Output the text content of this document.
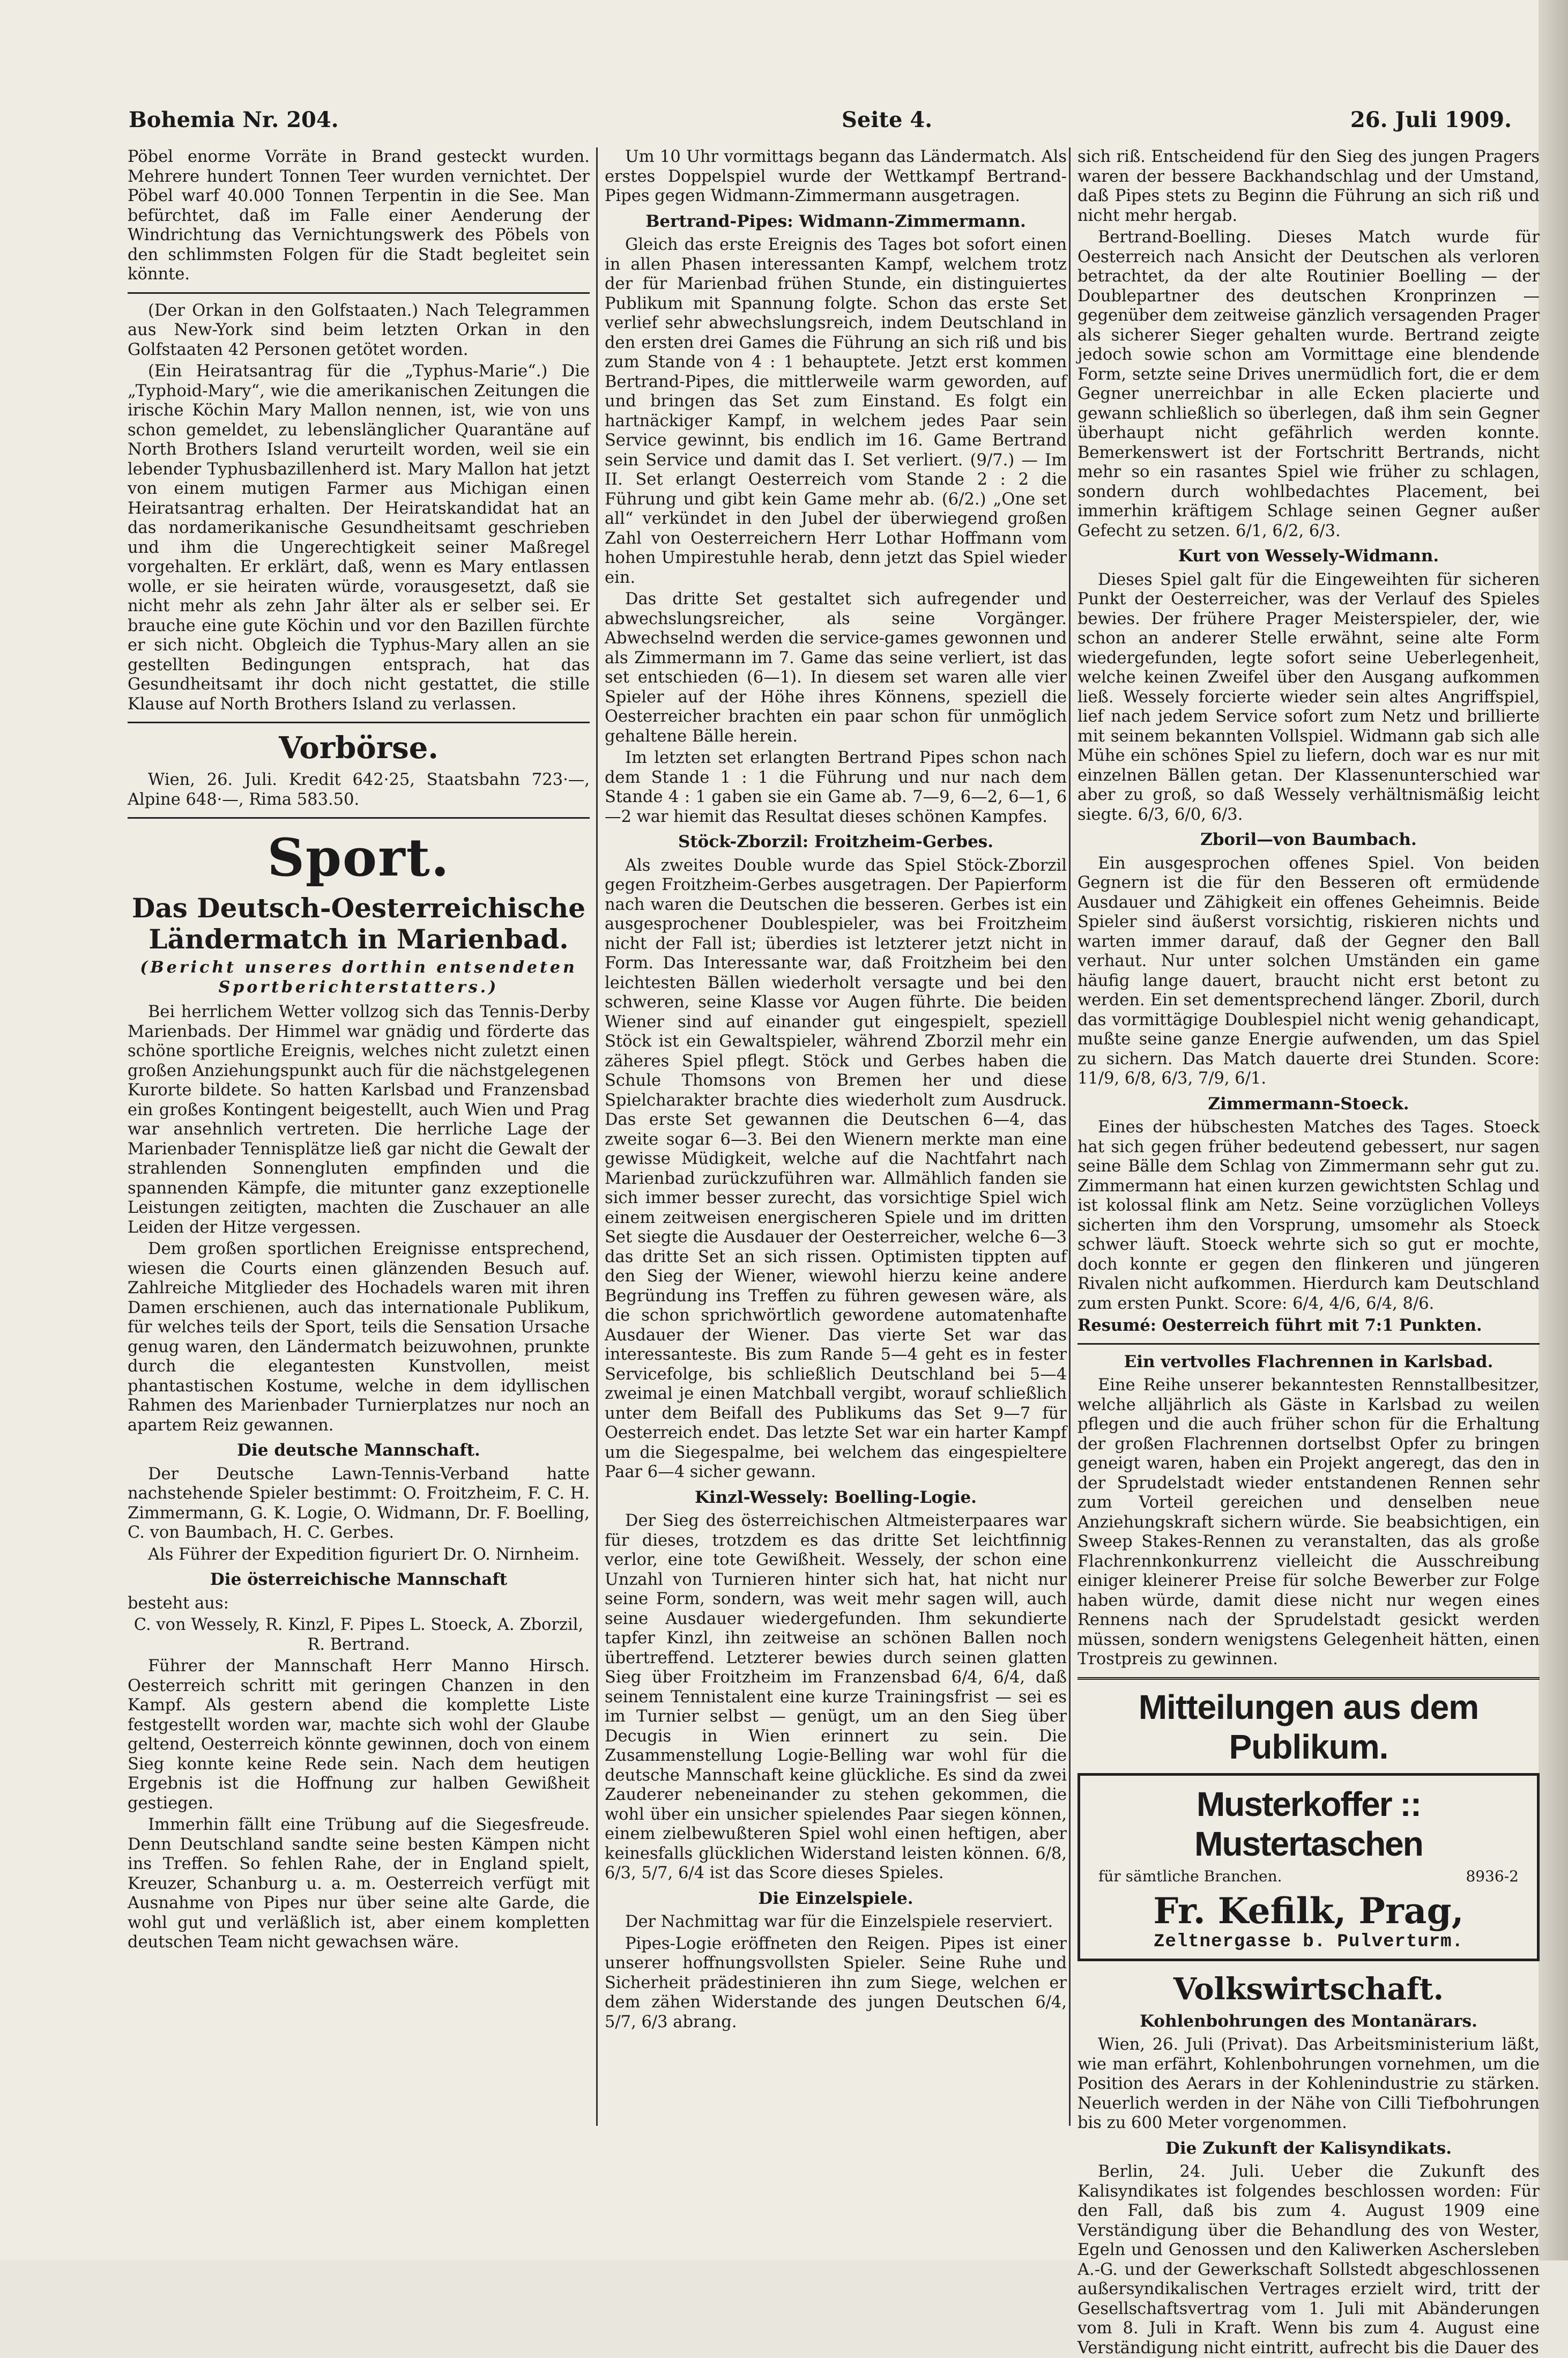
Bohemia Nr. 204.	Seite 4.	26. Juli 1909.

Pöbel enorme Vorräte in Brand gesteckt wurden. Mehrere hundert Tonnen Teer wurden vernichtet. Der Pöbel warf 40.000 Tonnen Terpentin in die See. Man befürchtet, daß im Falle einer Aenderung der Windrichtung das Vernichtungswerk des Pöbels von den schlimmsten Folgen für die Stadt begleitet sein könnte.

(Der Orkan in den Golfstaaten.) Nach Telegrammen aus New-York sind beim letzten Orkan in den Golfstaaten 42 Personen getötet worden.

(Ein Heiratsantrag für die „Typhus-Marie“.) Die „Typhoid-Mary“, wie die amerikanischen Zeitungen die irische Köchin Mary Mallon nennen, ist, wie von uns schon gemeldet, zu lebenslänglicher Quarantäne auf North Brothers Island verurteilt worden, weil sie ein lebender Typhusbazillenherd ist. Mary Mallon hat jetzt von einem mutigen Farmer aus Michigan einen Heiratsantrag erhalten. Der Heiratskandidat hat an das nordamerikanische Gesundheitsamt geschrieben und ihm die Ungerechtigkeit seiner Maßregel vorgehalten. Er erklärt, daß, wenn es Mary entlassen wolle, er sie heiraten würde, vorausgesetzt, daß sie nicht mehr als zehn Jahr älter als er selber sei. Er brauche eine gute Köchin und vor den Bazillen fürchte er sich nicht. Obgleich die Typhus-Mary allen an sie gestellten Bedingungen entsprach, hat das Gesundheitsamt ihr doch nicht gestattet, die stille Klause auf North Brothers Island zu verlassen.

Vorbörse.

Wien, 26. Juli. Kredit 642·25, Staatsbahn 723·—, Alpine 648·—, Rima 583.50.

Sport.
Das Deutsch-Oesterreichische Ländermatch in Marienbad.
(Bericht unseres dorthin entsendeten Sportberichterstatters.)

Bei herrlichem Wetter vollzog sich das Tennis-Derby Marienbads. Der Himmel war gnädig und förderte das schöne sportliche Ereignis, welches nicht zuletzt einen großen Anziehungspunkt auch für die nächstgelegenen Kurorte bildete. So hatten Karlsbad und Franzensbad ein großes Kontingent beigestellt, auch Wien und Prag war ansehnlich vertreten. Die herrliche Lage der Marienbader Tennisplätze ließ gar nicht die Gewalt der strahlenden Sonnengluten empfinden und die spannenden Kämpfe, die mitunter ganz exzeptionelle Leistungen zeitigten, machten die Zuschauer an alle Leiden der Hitze vergessen.

Dem großen sportlichen Ereignisse entsprechend, wiesen die Courts einen glänzenden Besuch auf. Zahlreiche Mitglieder des Hochadels waren mit ihren Damen erschienen, auch das internationale Publikum, für welches teils der Sport, teils die Sensation Ursache genug waren, den Ländermatch beizuwohnen, prunkte durch die elegantesten Kunstvollen, meist phantastischen Kostume, welche in dem idyllischen Rahmen des Marienbader Turnierplatzes nur noch an apartem Reiz gewannen.

Die deutsche Mannschaft.

Der Deutsche Lawn-Tennis-Verband hatte nachstehende Spieler bestimmt: O. Froitzheim, F. C. H. Zimmermann, G. K. Logie, O. Widmann, Dr. F. Boelling, C. von Baumbach, H. C. Gerbes.

Als Führer der Expedition figuriert Dr. O. Nirnheim.

Die österreichische Mannschaft

besteht aus:

C. von Wessely, R. Kinzl, F. Pipes L. Stoeck, A. Zborzil, R. Bertrand.

Führer der Mannschaft Herr Manno Hirsch. Oesterreich schritt mit geringen Chanzen in den Kampf. Als gestern abend die komplette Liste festgestellt worden war, machte sich wohl der Glaube geltend, Oesterreich könnte gewinnen, doch von einem Sieg konnte keine Rede sein. Nach dem heutigen Ergebnis ist die Hoffnung zur halben Gewißheit gestiegen.

Immerhin fällt eine Trübung auf die Siegesfreude. Denn Deutschland sandte seine besten Kämpen nicht ins Treffen. So fehlen Rahe, der in England spielt, Kreuzer, Schanburg u. a. m. Oesterreich verfügt mit Ausnahme von Pipes nur über seine alte Garde, die wohl gut und verläßlich ist, aber einem kompletten deutschen Team nicht gewachsen wäre.

Um 10 Uhr vormittags begann das Ländermatch. Als erstes Doppelspiel wurde der Wettkampf Bertrand-Pipes gegen Widmann-Zimmermann ausgetragen.

Bertrand-Pipes: Widmann-Zimmermann.

Gleich das erste Ereignis des Tages bot sofort einen in allen Phasen interessanten Kampf, welchem trotz der für Marienbad frühen Stunde, ein distinguiertes Publikum mit Spannung folgte. Schon das erste Set verlief sehr abwechslungsreich, indem Deutschland in den ersten drei Games die Führung an sich riß und bis zum Stande von 4 : 1 behauptete. Jetzt erst kommen Bertrand-Pipes, die mittlerweile warm geworden, auf und bringen das Set zum Einstand. Es folgt ein hartnäckiger Kampf, in welchem jedes Paar sein Service gewinnt, bis endlich im 16. Game Bertrand sein Service und damit das I. Set verliert. (9/7.) — Im II. Set erlangt Oesterreich vom Stande 2 : 2 die Führung und gibt kein Game mehr ab. (6/2.) „One set all“ verkündet in den Jubel der überwiegend großen Zahl von Oesterreichern Herr Lothar Hoffmann vom hohen Umpirestuhle herab, denn jetzt das Spiel wieder ein.

Das dritte Set gestaltet sich aufregender und abwechslungsreicher, als seine Vorgänger. Abwechselnd werden die service-games gewonnen und als Zimmermann im 7. Game das seine verliert, ist das set entschieden (6—1). In diesem set waren alle vier Spieler auf der Höhe ihres Könnens, speziell die Oesterreicher brachten ein paar schon für unmöglich gehaltene Bälle herein.

Im letzten set erlangten Bertrand Pipes schon nach dem Stande 1 : 1 die Führung und nur nach dem Stande 4 : 1 gaben sie ein Game ab. 7—9, 6—2, 6—1, 6—2 war hiemit das Resultat dieses schönen Kampfes.

Stöck-Zborzil: Froitzheim-Gerbes.

Als zweites Double wurde das Spiel Stöck-Zborzil gegen Froitzheim-Gerbes ausgetragen. Der Papierform nach waren die Deutschen die besseren. Gerbes ist ein ausgesprochener Doublespieler, was bei Froitzheim nicht der Fall ist; überdies ist letzterer jetzt nicht in Form. Das Interessante war, daß Froitzheim bei den leichtesten Bällen wiederholt versagte und bei den schweren, seine Klasse vor Augen führte. Die beiden Wiener sind auf einander gut eingespielt, speziell Stöck ist ein Gewaltspieler, während Zborzil mehr ein zäheres Spiel pflegt. Stöck und Gerbes haben die Schule Thomsons von Bremen her und diese Spielcharakter brachte dies wiederholt zum Ausdruck. Das erste Set gewannen die Deutschen 6—4, das zweite sogar 6—3. Bei den Wienern merkte man eine gewisse Müdigkeit, welche auf die Nachtfahrt nach Marienbad zurückzuführen war. Allmählich fanden sie sich immer besser zurecht, das vorsichtige Spiel wich einem zeitweisen energischeren Spiele und im dritten Set siegte die Ausdauer der Oesterreicher, welche 6—3 das dritte Set an sich rissen. Optimisten tippten auf den Sieg der Wiener, wiewohl hierzu keine andere Begründung ins Treffen zu führen gewesen wäre, als die schon sprichwörtlich gewordene automatenhafte Ausdauer der Wiener. Das vierte Set war das interessanteste. Bis zum Rande 5—4 geht es in fester Servicefolge, bis schließlich Deutschland bei 5—4 zweimal je einen Matchball vergibt, worauf schließlich unter dem Beifall des Publikums das Set 9—7 für Oesterreich endet. Das letzte Set war ein harter Kampf um die Siegespalme, bei welchem das eingespieltere Paar 6—4 sicher gewann.

Kinzl-Wessely: Boelling-Logie.

Der Sieg des österreichischen Altmeisterpaares war für dieses, trotzdem es das dritte Set leichtfinnig verlor, eine tote Gewißheit. Wessely, der schon eine Unzahl von Turnieren hinter sich hat, hat nicht nur seine Form, sondern, was weit mehr sagen will, auch seine Ausdauer wiedergefunden. Ihm sekundierte tapfer Kinzl, ihn zeitweise an schönen Ballen noch übertreffend. Letzterer bewies durch seinen glatten Sieg über Froitzheim im Franzensbad 6/4, 6/4, daß seinem Tennistalent eine kurze Trainingsfrist — sei es im Turnier selbst — genügt, um an den Sieg über Decugis in Wien erinnert zu sein. Die Zusammenstellung Logie-Belling war wohl für die deutsche Mannschaft keine glückliche. Es sind da zwei Zauderer nebeneinander zu stehen gekommen, die wohl über ein unsicher spielendes Paar siegen können, einem zielbewußteren Spiel wohl einen heftigen, aber keinesfalls glücklichen Widerstand leisten können. 6/8, 6/3, 5/7, 6/4 ist das Score dieses Spieles.

Die Einzelspiele.

Der Nachmittag war für die Einzelspiele reserviert.

Pipes-Logie eröffneten den Reigen. Pipes ist einer unserer hoffnungsvollsten Spieler. Seine Ruhe und Sicherheit prädestinieren ihn zum Siege, welchen er dem zähen Widerstande des jungen Deutschen 6/4, 5/7, 6/3 abrang.

sich riß. Entscheidend für den Sieg des jungen Pragers waren der bessere Backhandschlag und der Umstand, daß Pipes stets zu Beginn die Führung an sich riß und nicht mehr hergab.

Bertrand-Boelling. Dieses Match wurde für Oesterreich nach Ansicht der Deutschen als verloren betrachtet, da der alte Routinier Boelling — der Doublepartner des deutschen Kronprinzen — gegenüber dem zeitweise gänzlich versagenden Prager als sicherer Sieger gehalten wurde. Bertrand zeigte jedoch sowie schon am Vormittage eine blendende Form, setzte seine Drives unermüdlich fort, die er dem Gegner unerreichbar in alle Ecken placierte und gewann schließlich so überlegen, daß ihm sein Gegner überhaupt nicht gefährlich werden konnte. Bemerkenswert ist der Fortschritt Bertrands, nicht mehr so ein rasantes Spiel wie früher zu schlagen, sondern durch wohlbedachtes Placement, bei immerhin kräftigem Schlage seinen Gegner außer Gefecht zu setzen. 6/1, 6/2, 6/3.

Kurt von Wessely-Widmann.

Dieses Spiel galt für die Eingeweihten für sicheren Punkt der Oesterreicher, was der Verlauf des Spieles bewies. Der frühere Prager Meisterspieler, der, wie schon an anderer Stelle erwähnt, seine alte Form wiedergefunden, legte sofort seine Ueberlegenheit, welche keinen Zweifel über den Ausgang aufkommen ließ. Wessely forcierte wieder sein altes Angriffspiel, lief nach jedem Service sofort zum Netz und brillierte mit seinem bekannten Vollspiel. Widmann gab sich alle Mühe ein schönes Spiel zu liefern, doch war es nur mit einzelnen Bällen getan. Der Klassenunterschied war aber zu groß, so daß Wessely verhältnismäßig leicht siegte. 6/3, 6/0, 6/3.

Zboril—von Baumbach.

Ein ausgesprochen offenes Spiel. Von beiden Gegnern ist die für den Besseren oft ermüdende Ausdauer und Zähigkeit ein offenes Geheimnis. Beide Spieler sind äußerst vorsichtig, riskieren nichts und warten immer darauf, daß der Gegner den Ball verhaut. Nur unter solchen Umständen ein game häufig lange dauert, braucht nicht erst betont zu werden. Ein set dementsprechend länger. Zboril, durch das vormittägige Doublespiel nicht wenig gehandicapt, mußte seine ganze Energie aufwenden, um das Spiel zu sichern. Das Match dauerte drei Stunden. Score: 11/9, 6/8, 6/3, 7/9, 6/1.

Zimmermann-Stoeck.

Eines der hübschesten Matches des Tages. Stoeck hat sich gegen früher bedeutend gebessert, nur sagen seine Bälle dem Schlag von Zimmermann sehr gut zu. Zimmermann hat einen kurzen gewichtsten Schlag und ist kolossal flink am Netz. Seine vorzüglichen Volleys sicherten ihm den Vorsprung, umsomehr als Stoeck schwer läuft. Stoeck wehrte sich so gut er mochte, doch konnte er gegen den flinkeren und jüngeren Rivalen nicht aufkommen. Hierdurch kam Deutschland zum ersten Punkt. Score: 6/4, 4/6, 6/4, 8/6.

Resumé: Oesterreich führt mit 7:1 Punkten.

Ein vertvolles Flachrennen in Karlsbad.

Eine Reihe unserer bekanntesten Rennstallbesitzer, welche alljährlich als Gäste in Karlsbad zu weilen pflegen und die auch früher schon für die Erhaltung der großen Flachrennen dortselbst Opfer zu bringen geneigt waren, haben ein Projekt angeregt, das den in der Sprudelstadt wieder entstandenen Rennen sehr zum Vorteil gereichen und denselben neue Anziehungskraft sichern würde. Sie beabsichtigen, ein Sweep Stakes-Rennen zu veranstalten, das als große Flachrennkonkurrenz vielleicht die Ausschreibung einiger kleinerer Preise für solche Bewerber zur Folge haben würde, damit diese nicht nur wegen eines Rennens nach der Sprudelstadt gesickt werden müssen, sondern wenigstens Gelegenheit hätten, einen Trostpreis zu gewinnen.

Mitteilungen aus dem Publikum.
Musterkoffer :: Mustertaschen
für sämtliche Branchen.	8936-2
Fr. Kefilk, Prag,
Zeltnergasse b. Pulverturm.
Volkswirtschaft.
Kohlenbohrungen des Montanärars.

Wien, 26. Juli (Privat). Das Arbeitsministerium läßt, wie man erfährt, Kohlenbohrungen vornehmen, um die Position des Aerars in der Kohlenindustrie zu stärken. Neuerlich werden in der Nähe von Cilli Tiefbohrungen bis zu 600 Meter vorgenommen.

Die Zukunft der Kalisyndikats.

Berlin, 24. Juli. Ueber die Zukunft des Kalisyndikates ist folgendes beschlossen worden: Für den Fall, daß bis zum 4. August 1909 eine Verständigung über die Behandlung des von Wester, Egeln und Genossen und den Kaliwerken Aschersleben A.-G. und der Gewerkschaft Sollstedt abgeschlossenen außersyndikalischen Vertrages erzielt wird, tritt der Gesellschaftsvertrag vom 1. Juli mit Abänderungen vom 8. Juli in Kraft. Wenn bis zum 4. August eine Verständigung nicht eintritt, aufrecht bis die Dauer des
